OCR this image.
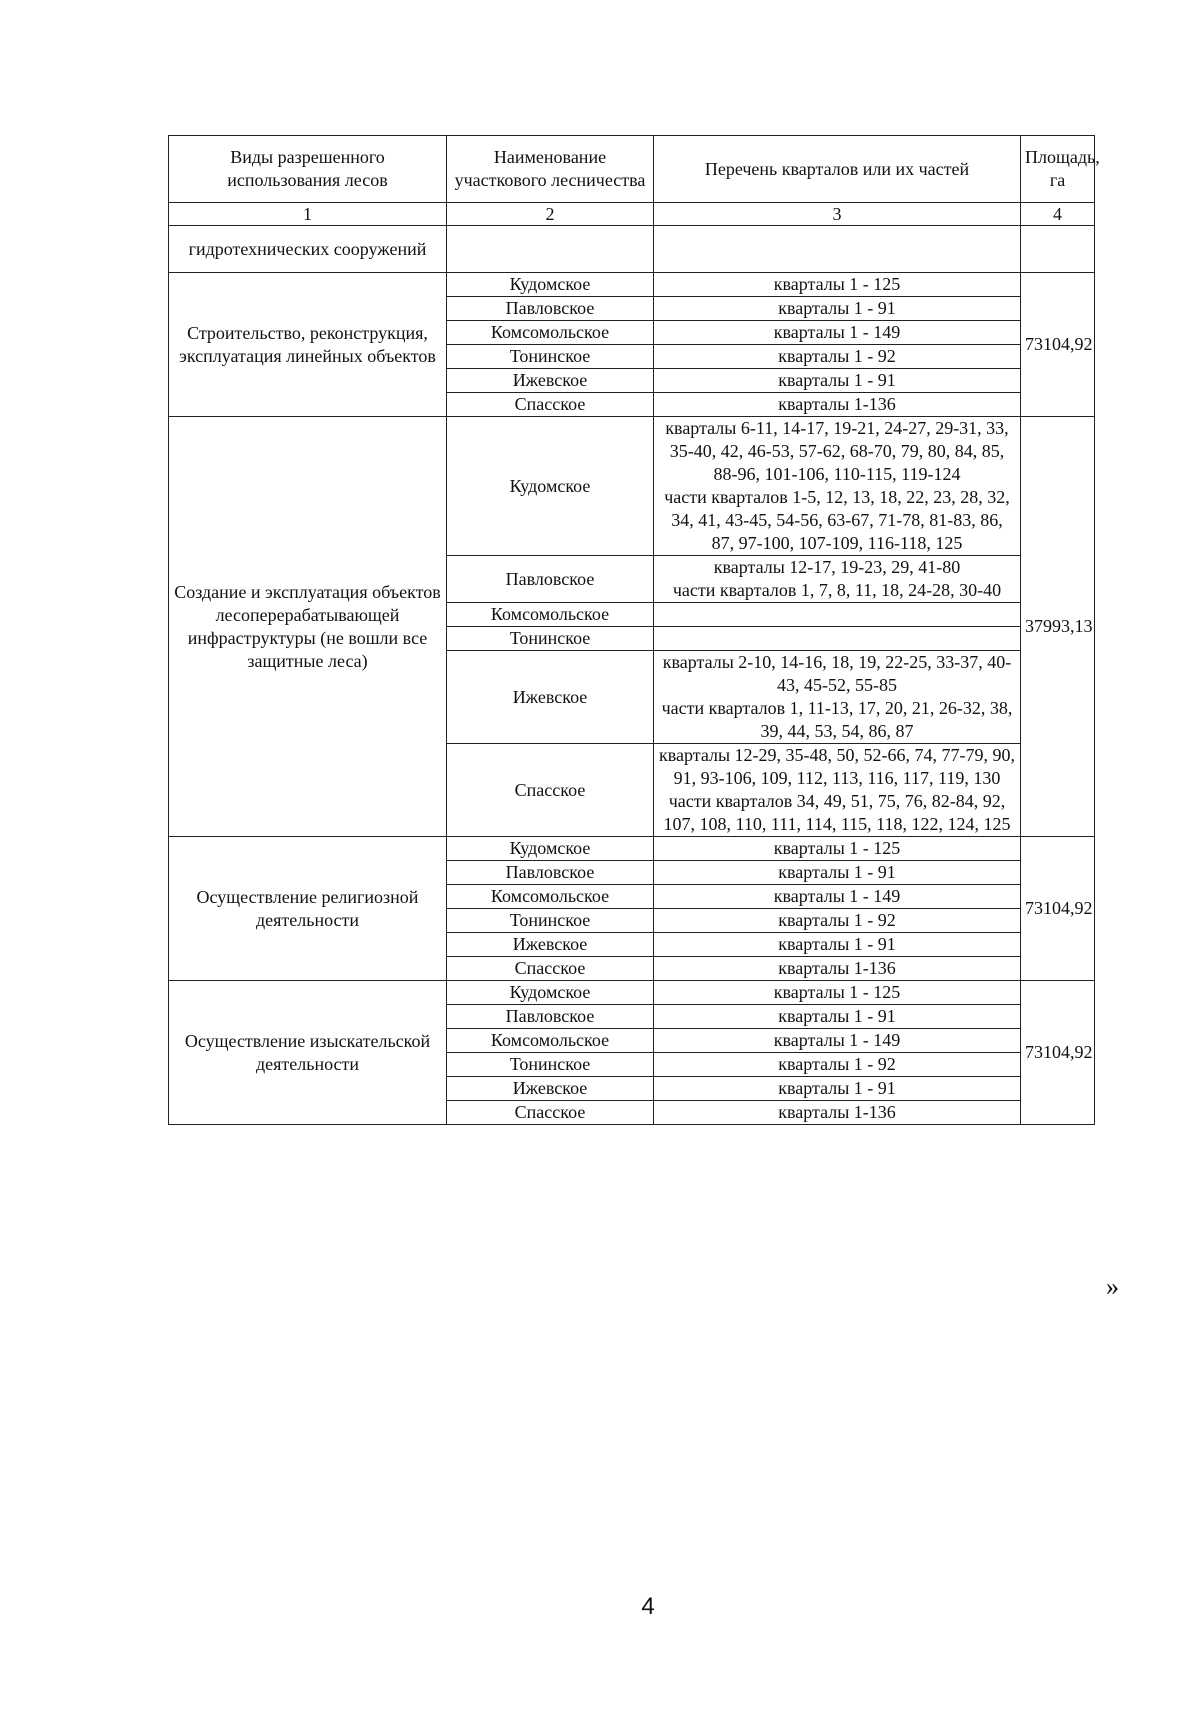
Виды разрешенного использования лесов	Наименование участкового лесничества	Перечень кварталов или их частей	Площадь, га
1	2	3	4
гидротехнических сооружений			
Строительство, реконструкция, эксплуатация линейных объектов	Кудомское	кварталы 1 - 125	73104,92
	Павловское	кварталы 1 - 91	

	Комсомольское	кварталы 1 - 149	

	Тонинское	кварталы 1 - 92	

	Ижевское	кварталы 1 - 91	

	Спасское	кварталы 1-136	

Создание и эксплуатация объектов лесоперерабатывающей инфраструктуры (не вошли все защитные леса)	Кудомское	кварталы 6-11, 14-17, 19-21, 24-27, 29-31, 33, 35-40, 42, 46-53, 57-62, 68-70, 79, 80, 84, 85, 88-96, 101-106, 110-115, 119-124
части кварталов 1-5, 12, 13, 18, 22, 23, 28, 32, 34, 41, 43-45, 54-56, 63-67, 71-78, 81-83, 86, 87, 97-100, 107-109, 116-118, 125	37993,13
	Павловское	кварталы 12-17, 19-23, 29, 41-80
части кварталов 1, 7, 8, 11, 18, 24-28, 30-40	

	Комсомольское		

	Тонинское		

	Ижевское	кварталы 2-10, 14-16, 18, 19, 22-25, 33-37, 40-43, 45-52, 55-85
части кварталов 1, 11-13, 17, 20, 21, 26-32, 38, 39, 44, 53, 54, 86, 87	

	Спасское	кварталы 12-29, 35-48, 50, 52-66, 74, 77-79, 90, 91, 93-106, 109, 112, 113, 116, 117, 119, 130
части кварталов 34, 49, 51, 75, 76, 82-84, 92, 107, 108, 110, 111, 114, 115, 118, 122, 124, 125	

Осуществление религиозной деятельности	Кудомское	кварталы 1 - 125	73104,92
	Павловское	кварталы 1 - 91	

	Комсомольское	кварталы 1 - 149	

	Тонинское	кварталы 1 - 92	

	Ижевское	кварталы 1 - 91	

	Спасское	кварталы 1-136	

Осуществление изыскательской деятельности	Кудомское	кварталы 1 - 125	73104,92
	Павловское	кварталы 1 - 91	

	Комсомольское	кварталы 1 - 149	

	Тонинское	кварталы 1 - 92	

	Ижевское	кварталы 1 - 91	

	Спасское	кварталы 1-136	
»
4
